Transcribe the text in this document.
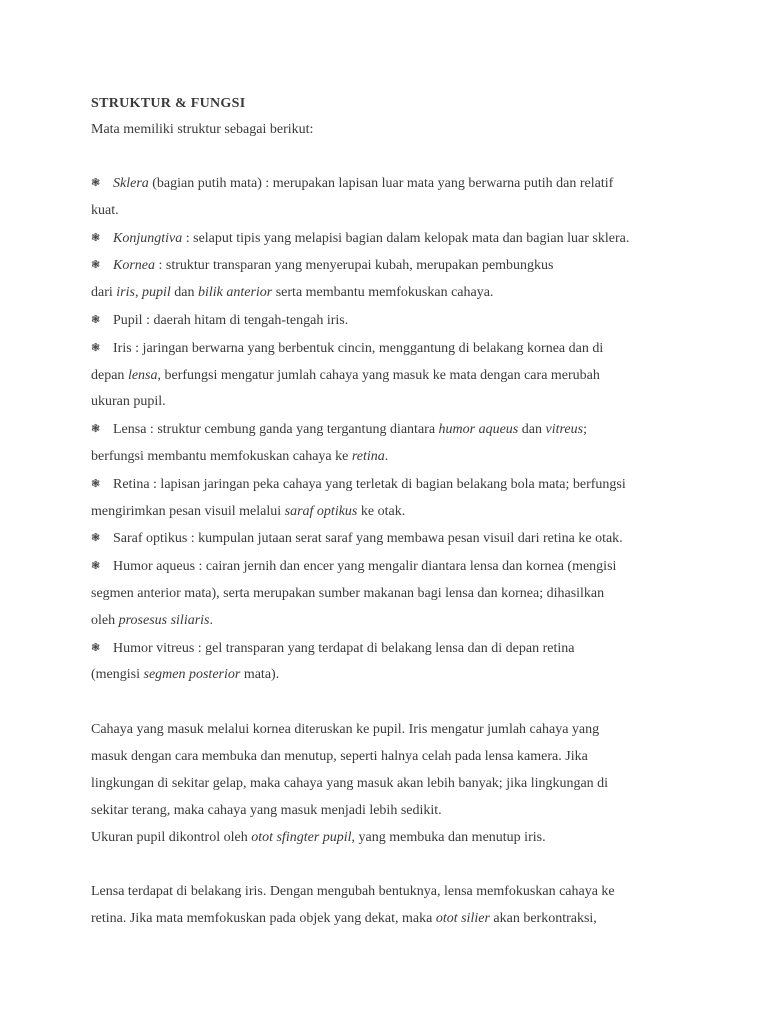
STRUKTUR & FUNGSI
Mata memiliki struktur sebagai berikut:
❃ Sklera (bagian putih mata) : merupakan lapisan luar mata yang berwarna putih dan relatif
kuat.
❃ Konjungtiva : selaput tipis yang melapisi bagian dalam kelopak mata dan bagian luar sklera.
❃ Kornea : struktur transparan yang menyerupai kubah, merupakan pembungkus
dari iris, pupil dan bilik anterior serta membantu memfokuskan cahaya.
❃ Pupil : daerah hitam di tengah-tengah iris.
❃ Iris : jaringan berwarna yang berbentuk cincin, menggantung di belakang kornea dan di
depan lensa, berfungsi mengatur jumlah cahaya yang masuk ke mata dengan cara merubah
ukuran pupil.
❃ Lensa : struktur cembung ganda yang tergantung diantara humor aqueus dan vitreus;
berfungsi membantu memfokuskan cahaya ke retina.
❃ Retina : lapisan jaringan peka cahaya yang terletak di bagian belakang bola mata; berfungsi
mengirimkan pesan visuil melalui saraf optikus ke otak.
❃ Saraf optikus : kumpulan jutaan serat saraf yang membawa pesan visuil dari retina ke otak.
❃ Humor aqueus : cairan jernih dan encer yang mengalir diantara lensa dan kornea (mengisi
segmen anterior mata), serta merupakan sumber makanan bagi lensa dan kornea; dihasilkan
oleh prosesus siliaris.
❃ Humor vitreus : gel transparan yang terdapat di belakang lensa dan di depan retina
(mengisi segmen posterior mata).
Cahaya yang masuk melalui kornea diteruskan ke pupil. Iris mengatur jumlah cahaya yang
masuk dengan cara membuka dan menutup, seperti halnya celah pada lensa kamera. Jika
lingkungan di sekitar gelap, maka cahaya yang masuk akan lebih banyak; jika lingkungan di
sekitar terang, maka cahaya yang masuk menjadi lebih sedikit.
Ukuran pupil dikontrol oleh otot sfingter pupil, yang membuka dan menutup iris.
Lensa terdapat di belakang iris. Dengan mengubah bentuknya, lensa memfokuskan cahaya ke
retina. Jika mata memfokuskan pada objek yang dekat, maka otot silier akan berkontraksi,
